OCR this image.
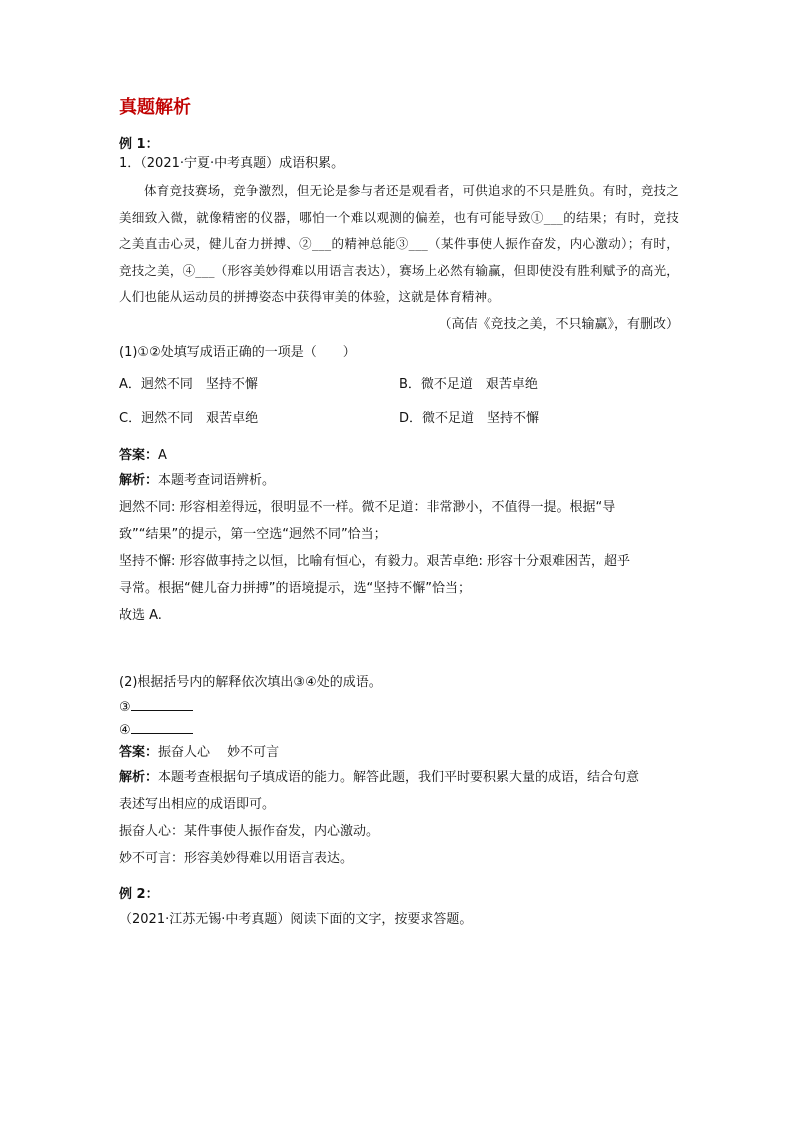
真题解析
例 1：
1．（2021·宁夏·中考真题）成语积累。

体育竞技赛场，竞争激烈，但无论是参与者还是观看者，可供追求的不只是胜负。有时，竞技之美细致入微，就像精密的仪器，哪怕一个难以观测的偏差，也有可能导致①___的结果；有时，竞技之美直击心灵，健儿奋力拼搏、②___的精神总能③___（某件事使人振作奋发，内心激动）；有时，竞技之美，④___（形容美妙得难以用语言表达），赛场上必然有输赢，但即使没有胜利赋予的高光，人们也能从运动员的拼搏姿态中获得审美的体验，这就是体育精神。

（高佶《竞技之美，不只输赢》，有删改）
(1)①②处填写成语正确的一项是（　　）
A．迥然不同　坚持不懈	B．微不足道　艰苦卓绝
C．迥然不同　艰苦卓绝	D．微不足道　坚持不懈

答案：A

解析：本题考查词语辨析。

迥然不同: 形容相差得远，很明显不一样。微不足道：非常渺小，不值得一提。根据“导

致”“结果”的提示，第一空选“迥然不同”恰当；

坚持不懈: 形容做事持之以恒，比喻有恒心，有毅力。艰苦卓绝: 形容十分艰难困苦，超乎

寻常。根据“健儿奋力拼搏”的语境提示，选“坚持不懈”恰当；

故选 A.

(2)根据括号内的解释依次填出③④处的成语。

③

④

答案：振奋人心　 妙不可言

解析：本题考查根据句子填成语的能力。解答此题，我们平时要积累大量的成语，结合句意

表述写出相应的成语即可。

振奋人心：某件事使人振作奋发，内心激动。

妙不可言：形容美妙得难以用语言表达。

例 2：
（2021·江苏无锡·中考真题）阅读下面的文字，按要求答题。
